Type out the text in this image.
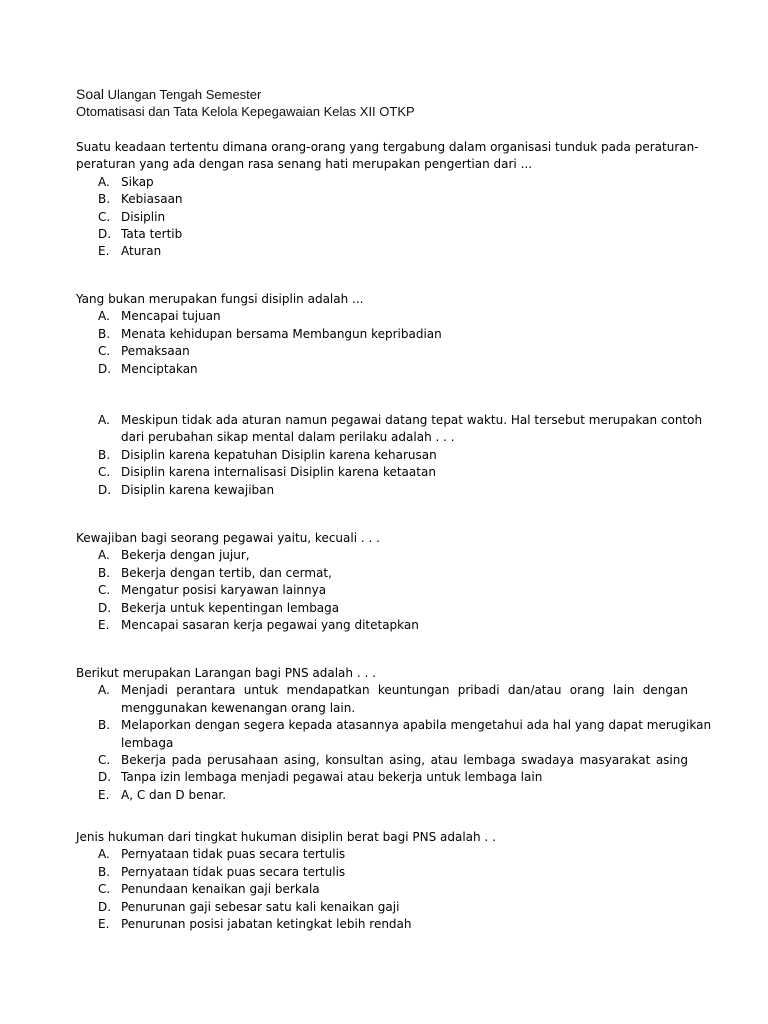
Soal Ulangan Tengah Semester
Otomatisasi dan Tata Kelola Kepegawaian Kelas XII OTKP
Suatu keadaan tertentu dimana orang-orang yang tergabung dalam organisasi tunduk pada peraturan-
peraturan yang ada dengan rasa senang hati merupakan pengertian dari ...
A. Sikap
B. Kebiasaan
C. Disiplin
D. Tata tertib
E. Aturan
Yang bukan merupakan fungsi disiplin adalah ...
A. Mencapai tujuan
B. Menata kehidupan bersama Membangun kepribadian
C. Pemaksaan
D. Menciptakan
A. Meskipun tidak ada aturan namun pegawai datang tepat waktu. Hal tersebut merupakan contoh
dari perubahan sikap mental dalam perilaku adalah . . .
B. Disiplin karena kepatuhan Disiplin karena keharusan
C. Disiplin karena internalisasi Disiplin karena ketaatan
D. Disiplin karena kewajiban
Kewajiban bagi seorang pegawai yaitu, kecuali . . .
A. Bekerja dengan jujur,
B. Bekerja dengan tertib, dan cermat,
C. Mengatur posisi karyawan lainnya
D. Bekerja untuk kepentingan lembaga
E. Mencapai sasaran kerja pegawai yang ditetapkan
Berikut merupakan Larangan bagi PNS adalah . . .
A. Menjadi perantara untuk mendapatkan keuntungan pribadi dan/atau orang lain dengan
menggunakan kewenangan orang lain.
B. Melaporkan dengan segera kepada atasannya apabila mengetahui ada hal yang dapat merugikan
lembaga
C. Bekerja pada perusahaan asing, konsultan asing, atau lembaga swadaya masyarakat asing
D. Tanpa izin lembaga menjadi pegawai atau bekerja untuk lembaga lain
E. A, C dan D benar.
Jenis hukuman dari tingkat hukuman disiplin berat bagi PNS adalah . .
A. Pernyataan tidak puas secara tertulis
B. Pernyataan tidak puas secara tertulis
C. Penundaan kenaikan gaji berkala
D. Penurunan gaji sebesar satu kali kenaikan gaji
E. Penurunan posisi jabatan ketingkat lebih rendah
